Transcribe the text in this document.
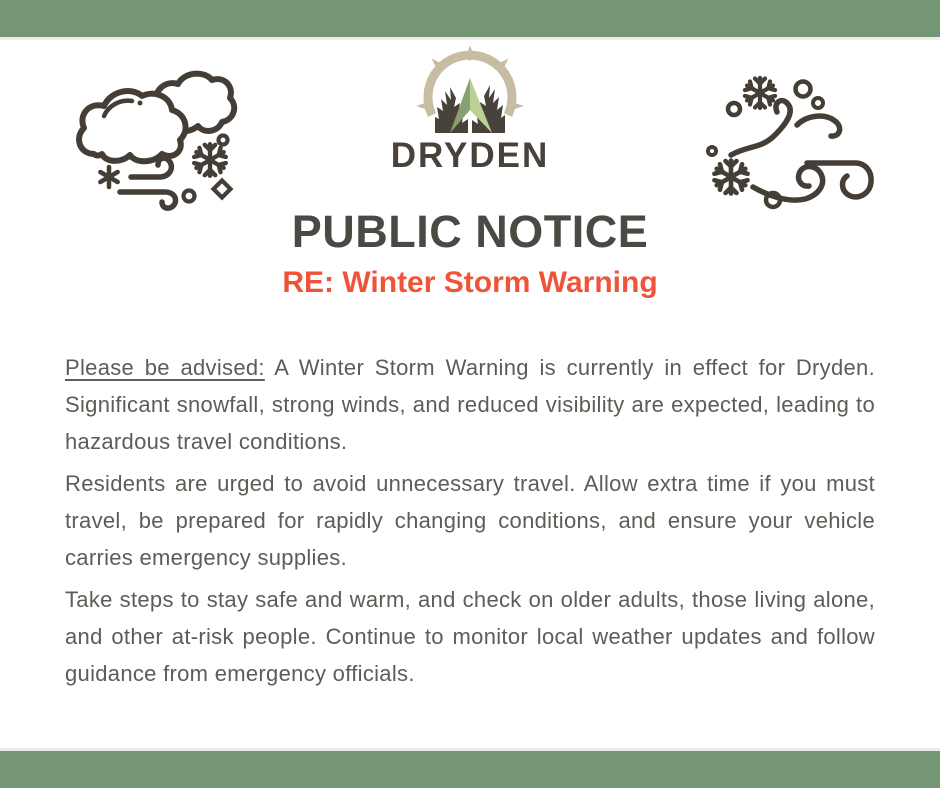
DRYDEN
PUBLIC NOTICE
RE: Winter Storm Warning

Please be advised: A Winter Storm Warning is currently in effect for Dryden. Significant snowfall, strong winds, and reduced visibility are expected, leading to hazardous travel conditions.

Residents are urged to avoid unnecessary travel. Allow extra time if you must travel, be prepared for rapidly changing conditions, and ensure your vehicle carries emergency supplies.

Take steps to stay safe and warm, and check on older adults, those living alone, and other at-risk people. Continue to monitor local weather updates and follow guidance from emergency officials.
